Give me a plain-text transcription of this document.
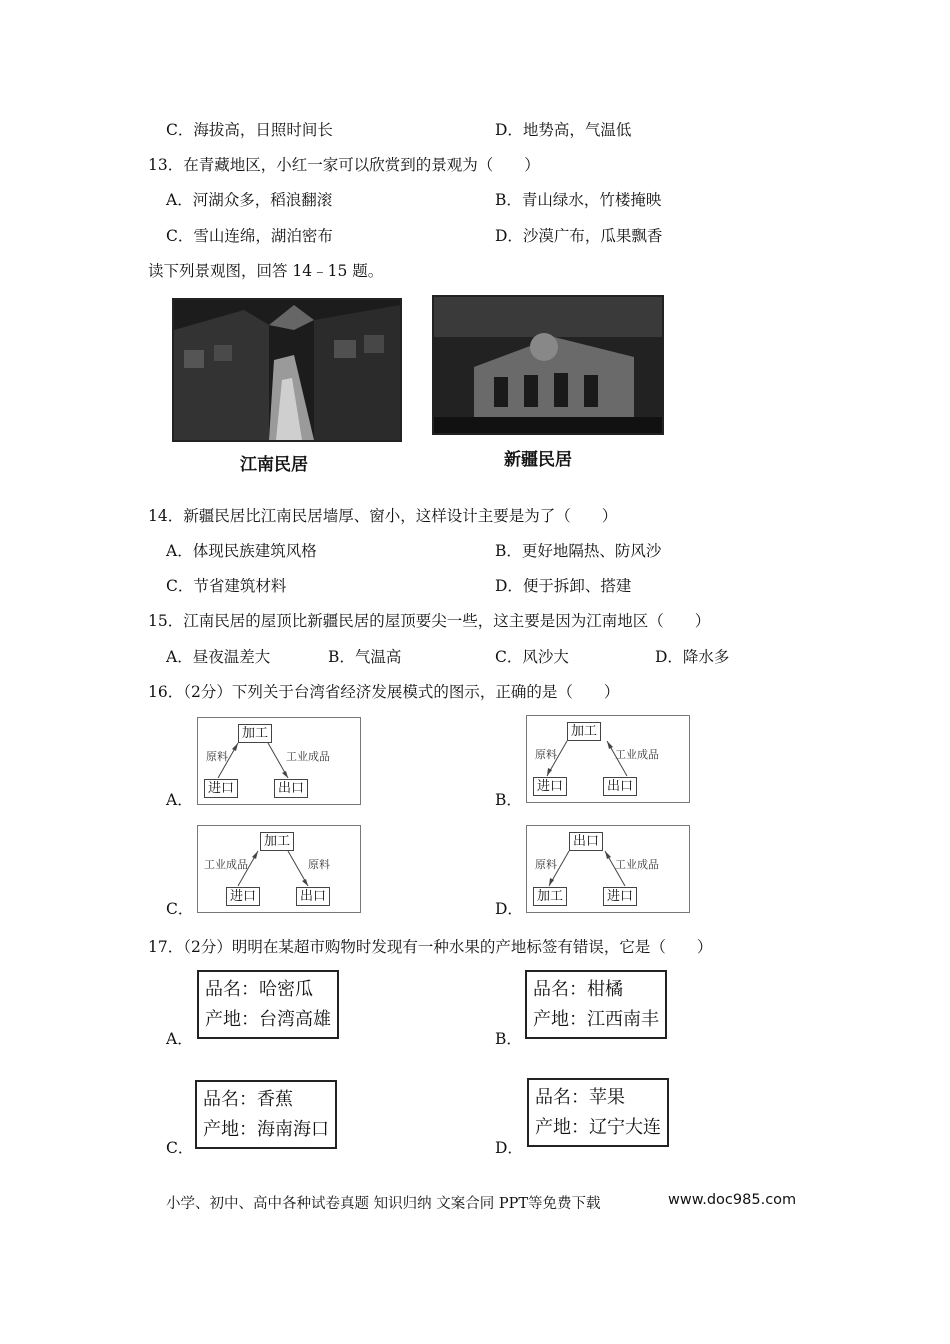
C．海拔高，日照时间长	D．地势高，气温低
13．在青藏地区，小红一家可以欣赏到的景观为（　　）
A．河湖众多，稻浪翻滚	B．青山绿水，竹楼掩映
C．雪山连绵，湖泊密布	D．沙漠广布，瓜果飘香
读下列景观图，回答 14﹣15 题。
江南民居	新疆民居
14．新疆民居比江南民居墙厚、窗小，这样设计主要是为了（　　）
A．体现民族建筑风格	B．更好地隔热、防风沙
C．节省建筑材料	D．便于拆卸、搭建
15．江南民居的屋顶比新疆民居的屋顶要尖一些，这主要是因为江南地区（　　）
A．昼夜温差大	B．气温高	C．风沙大	D．降水多
16．（2分）下列关于台湾省经济发展模式的图示，正确的是（　　）
A．
加工
进口	出口
原料	工业成品
B．
加工
进口	出口
原料	工业成品
C．
加工
进口	出口
工业成品	原料
D．
出口
加工	进口
原料	工业成品
17．（2分）明明在某超市购物时发现有一种水果的产地标签有错误，它是（　　）
A．
品名：哈密瓜
产地：台湾高雄
B．
品名：柑橘
产地：江西南丰
C．
品名：香蕉
产地：海南海口
D．
品名：苹果
产地：辽宁大连
小学、初中、高中各种试卷真题 知识归纳 文案合同 PPT等免费下载	www.doc985.com
